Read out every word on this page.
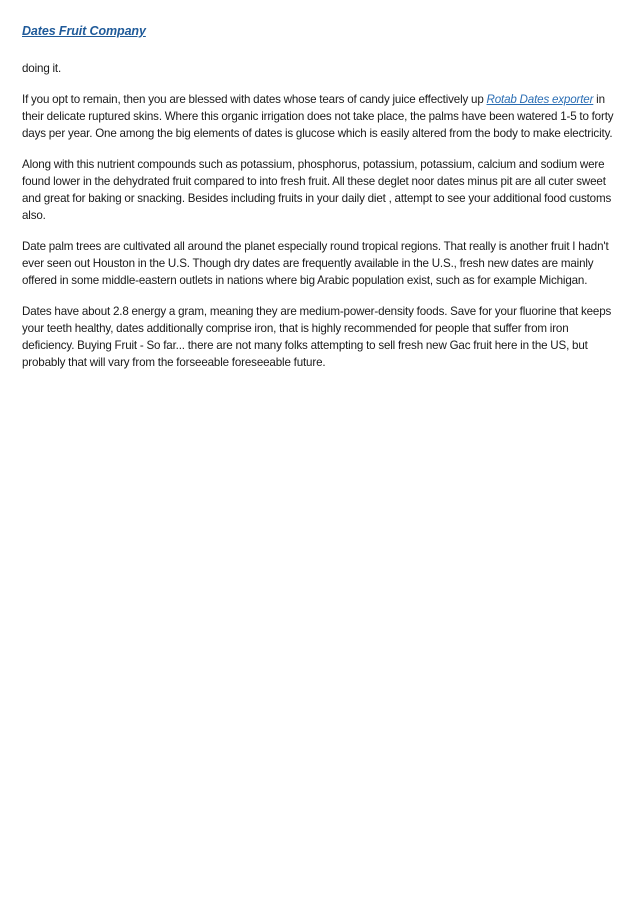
Dates Fruit Company

doing it.

If you opt to remain, then you are blessed with dates whose tears of candy juice effectively up Rotab Dates exporter in their delicate ruptured skins. Where this organic irrigation does not take place, the palms have been watered 1-5 to forty days per year. One among the big elements of dates is glucose which is easily altered from the body to make electricity.

Along with this nutrient compounds such as potassium, phosphorus, potassium, potassium, calcium and sodium were found lower in the dehydrated fruit compared to into fresh fruit. All these deglet noor dates minus pit are all cuter sweet and great for baking or snacking. Besides including fruits in your daily diet , attempt to see your additional food customs also.

Date palm trees are cultivated all around the planet especially round tropical regions. That really is another fruit I hadn't ever seen out Houston in the U.S. Though dry dates are frequently available in the U.S., fresh new dates are mainly offered in some middle-eastern outlets in nations where big Arabic population exist, such as for example Michigan.

Dates have about 2.8 energy a gram, meaning they are medium-power-density foods. Save for your fluorine that keeps your teeth healthy, dates additionally comprise iron, that is highly recommended for people that suffer from iron deficiency. Buying Fruit - So far... there are not many folks attempting to sell fresh new Gac fruit here in the US, but probably that will vary from the forseeable foreseeable future.
